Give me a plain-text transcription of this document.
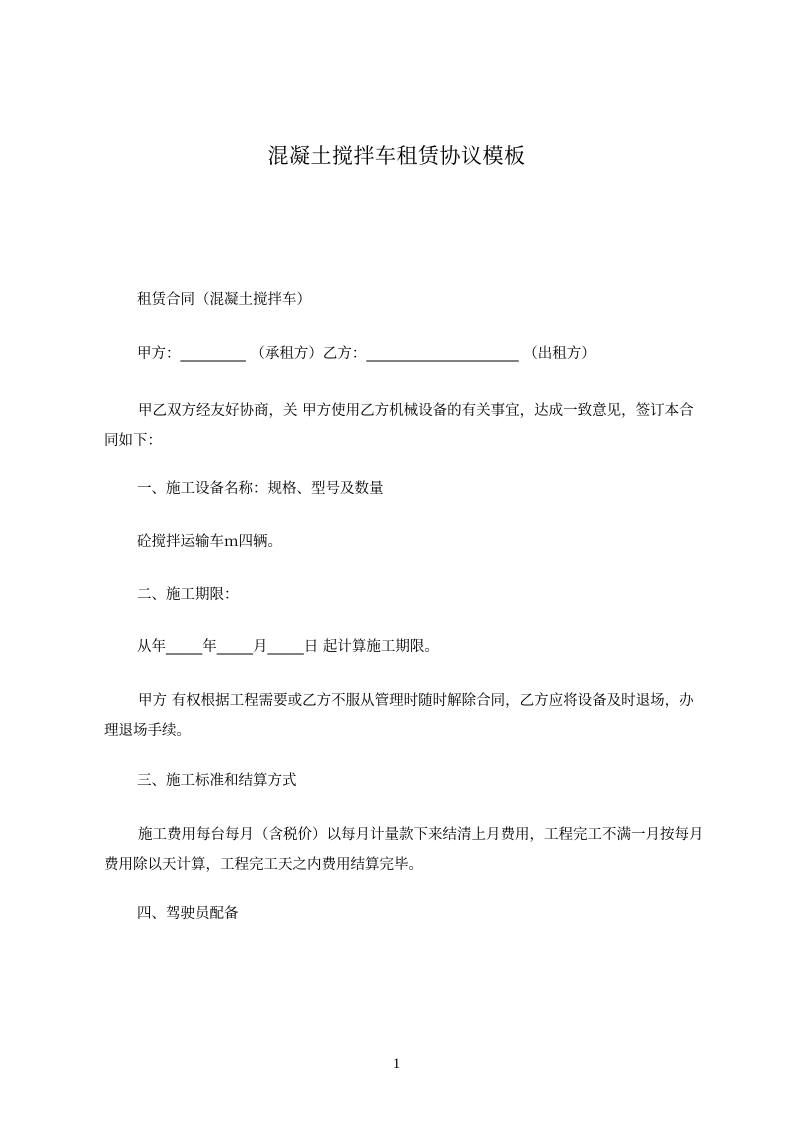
混凝土搅拌车租赁协议模板
租赁合同（混凝土搅拌车）
甲方：_________ （承租方）乙方：_____________________ （出租方）
甲乙双方经友好协商，关 甲方使用乙方机械设备的有关事宜，达成一致意见，签订本合同如下：
一、施工设备名称：规格、型号及数量
砼搅拌运输车ｍ四辆。
二、施工期限：
从年_____年_____月_____日 起计算施工期限。
甲方 有权根据工程需要或乙方不服从管理时随时解除合同，乙方应将设备及时退场，办理退场手续。
三、施工标准和结算方式
施工费用每台每月（含税价）以每月计量款下来结清上月费用，工程完工不满一月按每月费用除以天计算，工程完工天之内费用结算完毕。
四、驾驶员配备
1
